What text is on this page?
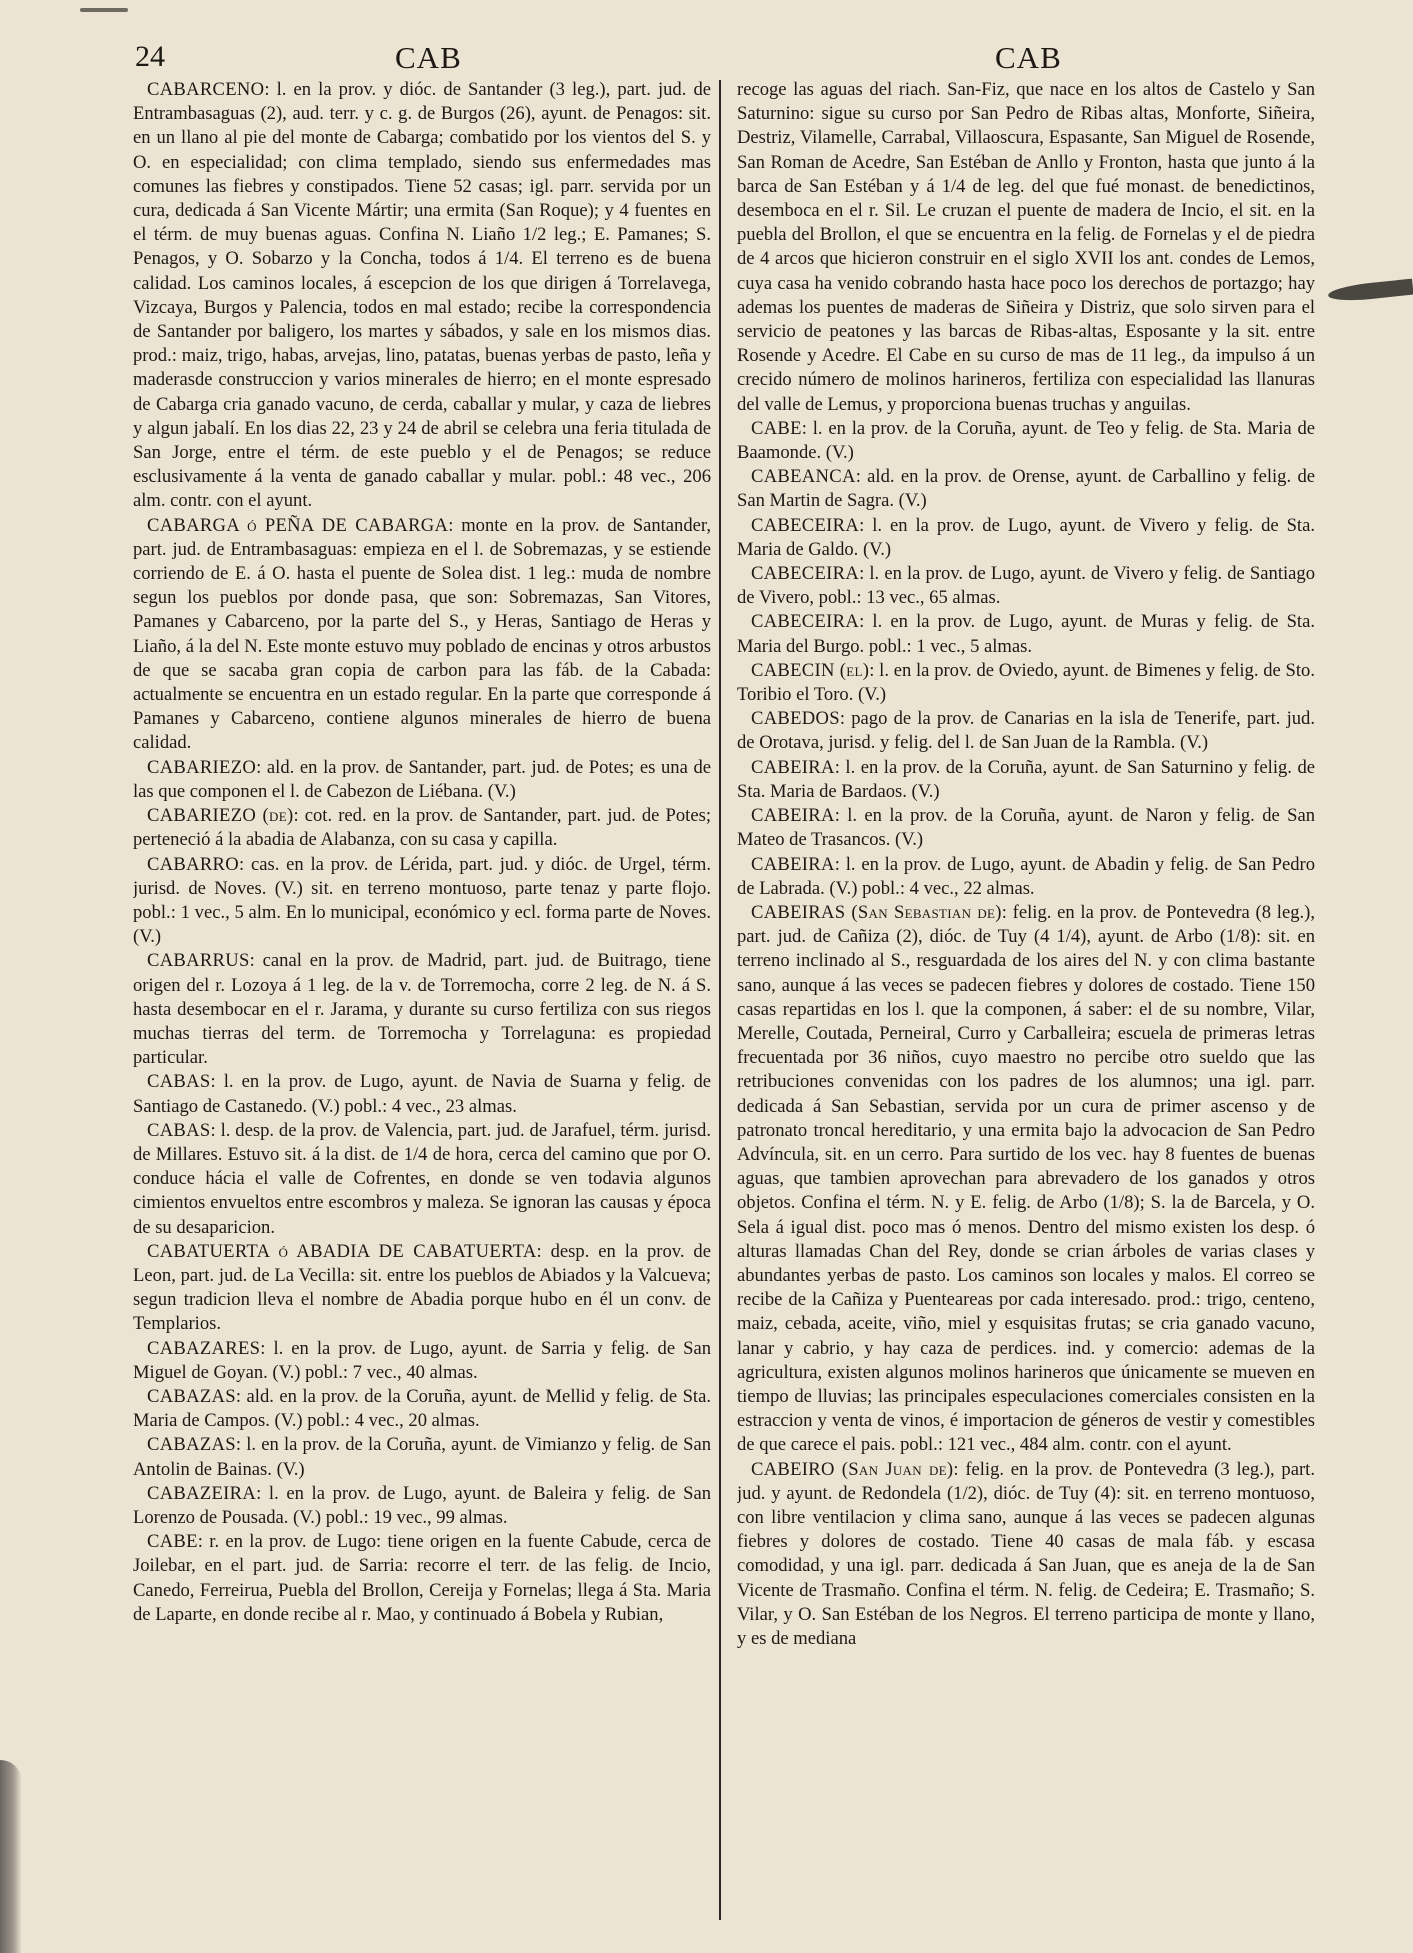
24	CAB	CAB

CABARCENO: l. en la prov. y dióc. de Santander (3 leg.), part. jud. de Entrambasaguas (2), aud. terr. y c. g. de Burgos (26), ayunt. de Penagos: sit. en un llano al pie del monte de Cabarga; combatido por los vientos del S. y O. en especialidad; con clima templado, siendo sus enfermedades mas comunes las fiebres y constipados. Tiene 52 casas; igl. parr. servida por un cura, dedicada á San Vicente Mártir; una ermita (San Roque); y 4 fuentes en el térm. de muy buenas aguas. Confina N. Liaño 1/2 leg.; E. Pamanes; S. Penagos, y O. Sobarzo y la Concha, todos á 1/4. El terreno es de buena calidad. Los caminos locales, á escepcion de los que dirigen á Torrelavega, Vizcaya, Burgos y Palencia, todos en mal estado; recibe la correspondencia de Santander por baligero, los martes y sábados, y sale en los mismos dias. prod.: maiz, trigo, habas, arvejas, lino, patatas, buenas yerbas de pasto, leña y maderasde construccion y varios minerales de hierro; en el monte espresado de Cabarga cria ganado vacuno, de cerda, caballar y mular, y caza de liebres y algun jabalí. En los dias 22, 23 y 24 de abril se celebra una feria titulada de San Jorge, entre el térm. de este pueblo y el de Penagos; se reduce esclusivamente á la venta de ganado caballar y mular. pobl.: 48 vec., 206 alm. contr. con el ayunt.

CABARGA ó PEÑA DE CABARGA: monte en la prov. de Santander, part. jud. de Entrambasaguas: empieza en el l. de Sobremazas, y se estiende corriendo de E. á O. hasta el puente de Solea dist. 1 leg.: muda de nombre segun los pueblos por donde pasa, que son: Sobremazas, San Vitores, Pamanes y Cabarceno, por la parte del S., y Heras, Santiago de Heras y Liaño, á la del N. Este monte estuvo muy poblado de encinas y otros arbustos de que se sacaba gran copia de carbon para las fáb. de la Cabada: actualmente se encuentra en un estado regular. En la parte que corresponde á Pamanes y Cabarceno, contiene algunos minerales de hierro de buena calidad.

CABARIEZO: ald. en la prov. de Santander, part. jud. de Potes; es una de las que componen el l. de Cabezon de Liébana. (V.)

CABARIEZO (de): cot. red. en la prov. de Santander, part. jud. de Potes; perteneció á la abadia de Alabanza, con su casa y capilla.

CABARRO: cas. en la prov. de Lérida, part. jud. y dióc. de Urgel, térm. jurisd. de Noves. (V.) sit. en terreno montuoso, parte tenaz y parte flojo. pobl.: 1 vec., 5 alm. En lo municipal, económico y ecl. forma parte de Noves. (V.)

CABARRUS: canal en la prov. de Madrid, part. jud. de Buitrago, tiene origen del r. Lozoya á 1 leg. de la v. de Torremocha, corre 2 leg. de N. á S. hasta desembocar en el r. Jarama, y durante su curso fertiliza con sus riegos muchas tierras del term. de Torremocha y Torrelaguna: es propiedad particular.

CABAS: l. en la prov. de Lugo, ayunt. de Navia de Suarna y felig. de Santiago de Castanedo. (V.) pobl.: 4 vec., 23 almas.

CABAS: l. desp. de la prov. de Valencia, part. jud. de Jarafuel, térm. jurisd. de Millares. Estuvo sit. á la dist. de 1/4 de hora, cerca del camino que por O. conduce hácia el valle de Cofrentes, en donde se ven todavia algunos cimientos envueltos entre escombros y maleza. Se ignoran las causas y época de su desaparicion.

CABATUERTA ó ABADIA DE CABATUERTA: desp. en la prov. de Leon, part. jud. de La Vecilla: sit. entre los pueblos de Abiados y la Valcueva; segun tradicion lleva el nombre de Abadia porque hubo en él un conv. de Templarios.

CABAZARES: l. en la prov. de Lugo, ayunt. de Sarria y felig. de San Miguel de Goyan. (V.) pobl.: 7 vec., 40 almas.

CABAZAS: ald. en la prov. de la Coruña, ayunt. de Mellid y felig. de Sta. Maria de Campos. (V.) pobl.: 4 vec., 20 almas.

CABAZAS: l. en la prov. de la Coruña, ayunt. de Vimianzo y felig. de San Antolin de Bainas. (V.)

CABAZEIRA: l. en la prov. de Lugo, ayunt. de Baleira y felig. de San Lorenzo de Pousada. (V.) pobl.: 19 vec., 99 almas.

CABE: r. en la prov. de Lugo: tiene origen en la fuente Cabude, cerca de Joilebar, en el part. jud. de Sarria: recorre el terr. de las felig. de Incio, Canedo, Ferreirua, Puebla del Brollon, Cereija y Fornelas; llega á Sta. Maria de Laparte, en donde recibe al r. Mao, y continuado á Bobela y Rubian,

recoge las aguas del riach. San-Fiz, que nace en los altos de Castelo y San Saturnino: sigue su curso por San Pedro de Ribas altas, Monforte, Siñeira, Destriz, Vilamelle, Carrabal, Villaoscura, Espasante, San Miguel de Rosende, San Roman de Acedre, San Estéban de Anllo y Fronton, hasta que junto á la barca de San Estéban y á 1/4 de leg. del que fué monast. de benedictinos, desemboca en el r. Sil. Le cruzan el puente de madera de Incio, el sit. en la puebla del Brollon, el que se encuentra en la felig. de Fornelas y el de piedra de 4 arcos que hicieron construir en el siglo XVII los ant. condes de Lemos, cuya casa ha venido cobrando hasta hace poco los derechos de portazgo; hay ademas los puentes de maderas de Siñeira y Distriz, que solo sirven para el servicio de peatones y las barcas de Ribas-altas, Esposante y la sit. entre Rosende y Acedre. El Cabe en su curso de mas de 11 leg., da impulso á un crecido número de molinos harineros, fertiliza con especialidad las llanuras del valle de Lemus, y proporciona buenas truchas y anguilas.

CABE: l. en la prov. de la Coruña, ayunt. de Teo y felig. de Sta. Maria de Baamonde. (V.)

CABEANCA: ald. en la prov. de Orense, ayunt. de Carballino y felig. de San Martin de Sagra. (V.)

CABECEIRA: l. en la prov. de Lugo, ayunt. de Vivero y felig. de Sta. Maria de Galdo. (V.)

CABECEIRA: l. en la prov. de Lugo, ayunt. de Vivero y felig. de Santiago de Vivero, pobl.: 13 vec., 65 almas.

CABECEIRA: l. en la prov. de Lugo, ayunt. de Muras y felig. de Sta. Maria del Burgo. pobl.: 1 vec., 5 almas.

CABECIN (el): l. en la prov. de Oviedo, ayunt. de Bimenes y felig. de Sto. Toribio el Toro. (V.)

CABEDOS: pago de la prov. de Canarias en la isla de Tenerife, part. jud. de Orotava, jurisd. y felig. del l. de San Juan de la Rambla. (V.)

CABEIRA: l. en la prov. de la Coruña, ayunt. de San Saturnino y felig. de Sta. Maria de Bardaos. (V.)

CABEIRA: l. en la prov. de la Coruña, ayunt. de Naron y felig. de San Mateo de Trasancos. (V.)

CABEIRA: l. en la prov. de Lugo, ayunt. de Abadin y felig. de San Pedro de Labrada. (V.) pobl.: 4 vec., 22 almas.

CABEIRAS (San Sebastian de): felig. en la prov. de Pontevedra (8 leg.), part. jud. de Cañiza (2), dióc. de Tuy (4 1/4), ayunt. de Arbo (1/8): sit. en terreno inclinado al S., resguardada de los aires del N. y con clima bastante sano, aunque á las veces se padecen fiebres y dolores de costado. Tiene 150 casas repartidas en los l. que la componen, á saber: el de su nombre, Vilar, Merelle, Coutada, Perneiral, Curro y Carballeira; escuela de primeras letras frecuentada por 36 niños, cuyo maestro no percibe otro sueldo que las retribuciones convenidas con los padres de los alumnos; una igl. parr. dedicada á San Sebastian, servida por un cura de primer ascenso y de patronato troncal hereditario, y una ermita bajo la advocacion de San Pedro Advíncula, sit. en un cerro. Para surtido de los vec. hay 8 fuentes de buenas aguas, que tambien aprovechan para abrevadero de los ganados y otros objetos. Confina el térm. N. y E. felig. de Arbo (1/8); S. la de Barcela, y O. Sela á igual dist. poco mas ó menos. Dentro del mismo existen los desp. ó alturas llamadas Chan del Rey, donde se crian árboles de varias clases y abundantes yerbas de pasto. Los caminos son locales y malos. El correo se recibe de la Cañiza y Puenteareas por cada interesado. prod.: trigo, centeno, maiz, cebada, aceite, viño, miel y esquisitas frutas; se cria ganado vacuno, lanar y cabrio, y hay caza de perdices. ind. y comercio: ademas de la agricultura, existen algunos molinos harineros que únicamente se mueven en tiempo de lluvias; las principales especulaciones comerciales consisten en la estraccion y venta de vinos, é importacion de géneros de vestir y comestibles de que carece el pais. pobl.: 121 vec., 484 alm. contr. con el ayunt.

CABEIRO (San Juan de): felig. en la prov. de Pontevedra (3 leg.), part. jud. y ayunt. de Redondela (1/2), dióc. de Tuy (4): sit. en terreno montuoso, con libre ventilacion y clima sano, aunque á las veces se padecen algunas fiebres y dolores de costado. Tiene 40 casas de mala fáb. y escasa comodidad, y una igl. parr. dedicada á San Juan, que es aneja de la de San Vicente de Trasmaño. Confina el térm. N. felig. de Cedeira; E. Trasmaño; S. Vilar, y O. San Estéban de los Negros. El terreno participa de monte y llano, y es de mediana
